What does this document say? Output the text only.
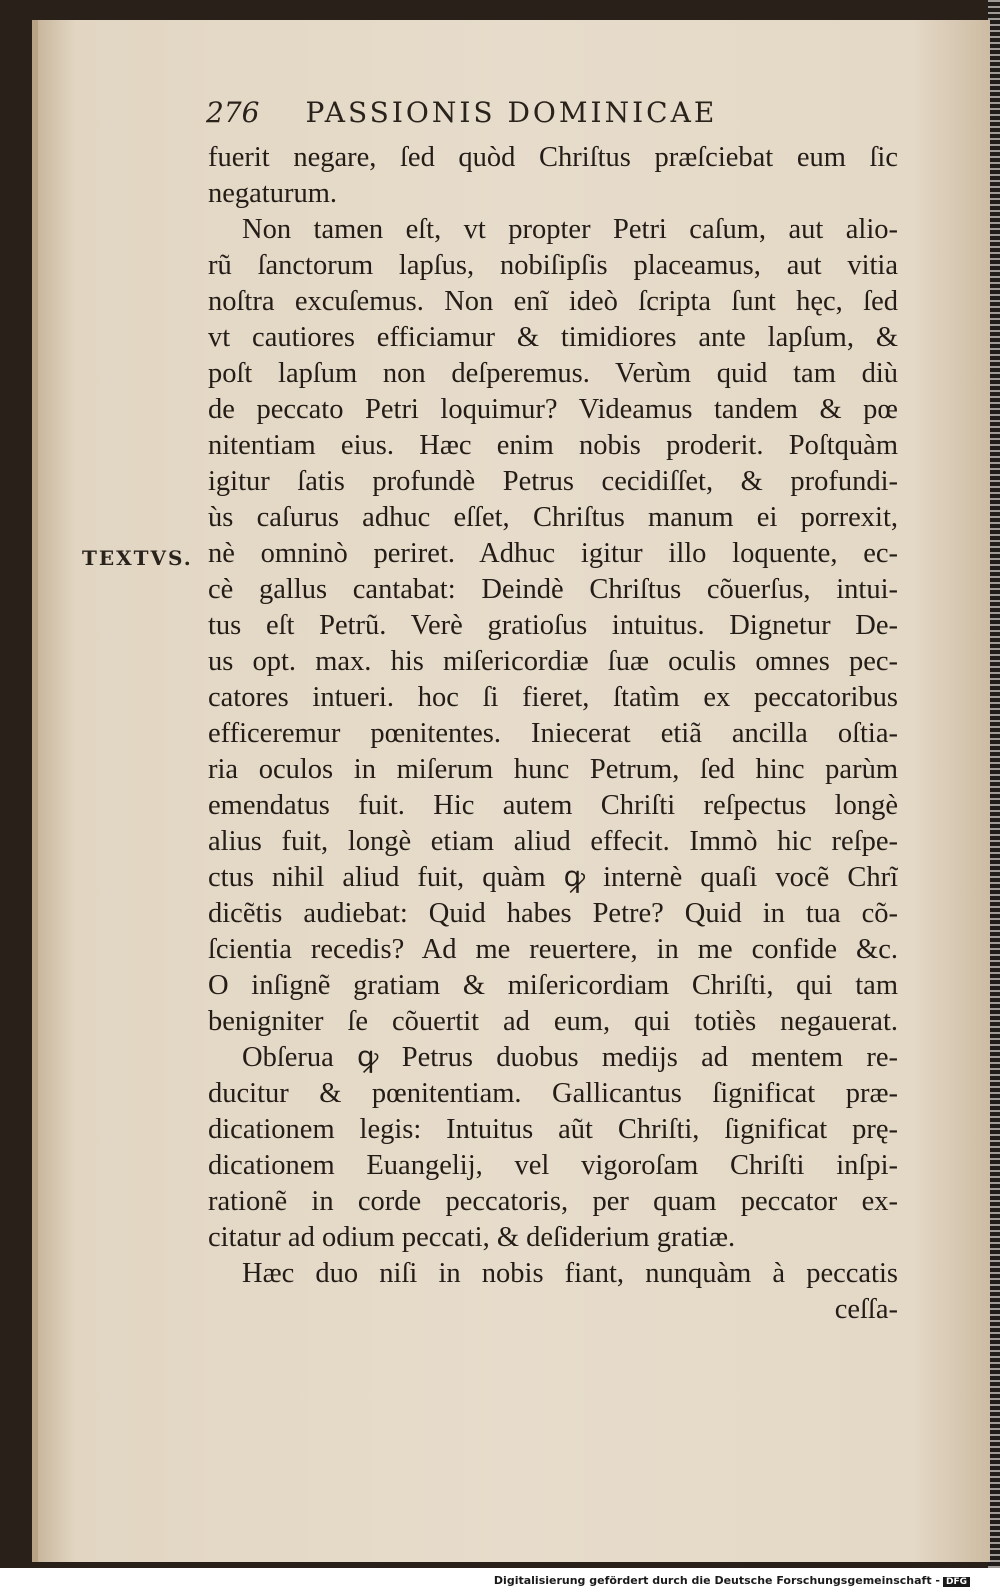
276 PASSIONIS DOMINICAE
TEXTVS.
fuerit negare, ſed quòd Chriſtus præſciebat eum ſic
negaturum.
Non tamen eſt, vt propter Petri caſum, aut alio-
rũ ſanctorum lapſus, nobiſipſis placeamus, aut vitia
noſtra excuſemus. Non enĩ ideò ſcripta ſunt hęc, ſed
vt cautiores efficiamur & timidiores ante lapſum, &
poſt lapſum non deſperemus. Verùm quid tam diù
de peccato Petri loquimur? Videamus tandem & pœ
nitentiam eius. Hæc enim nobis proderit. Poſtquàm
igitur ſatis profundè Petrus cecidiſſet, & profundi-
ùs caſurus adhuc eſſet, Chriſtus manum ei porrexit,
nè omninò periret. Adhuc igitur illo loquente, ec-
cè gallus cantabat: Deindè Chriſtus cõuerſus, intui-
tus eſt Petrũ. Verè gratioſus intuitus. Dignetur De-
us opt. max. his miſericordiæ ſuæ oculis omnes pec-
catores intueri. hoc ſi fieret, ſtatìm ex peccatoribus
efficeremur pœnitentes. Iniecerat etiã ancilla oſtia-
ria oculos in miſerum hunc Petrum, ſed hinc parùm
emendatus fuit. Hic autem Chriſti reſpectus longè
alius fuit, longè etiam aliud effecit. Immò hic reſpe-
ctus nihil aliud fuit, quàm ꝙ internè quaſi vocẽ Chrĩ
dicẽtis audiebat: Quid habes Petre? Quid in tua cõ-
ſcientia recedis? Ad me reuertere, in me confide &c.
O inſignẽ gratiam & miſericordiam Chriſti, qui tam
benigniter ſe cõuertit ad eum, qui totiès negauerat.
Obſerua ꝙ Petrus duobus medijs ad mentem re-
ducitur & pœnitentiam. Gallicantus ſignificat præ-
dicationem legis: Intuitus aũt Chriſti, ſignificat prę-
dicationem Euangelij, vel vigoroſam Chriſti inſpi-
rationẽ in corde peccatoris, per quam peccator ex-
citatur ad odium peccati, & deſiderium gratiæ.
Hæc duo niſi in nobis fiant, nunquàm à peccatis
ceſſa-
Digitalisierung gefördert durch die Deutsche Forschungsgemeinschaft - DFG
